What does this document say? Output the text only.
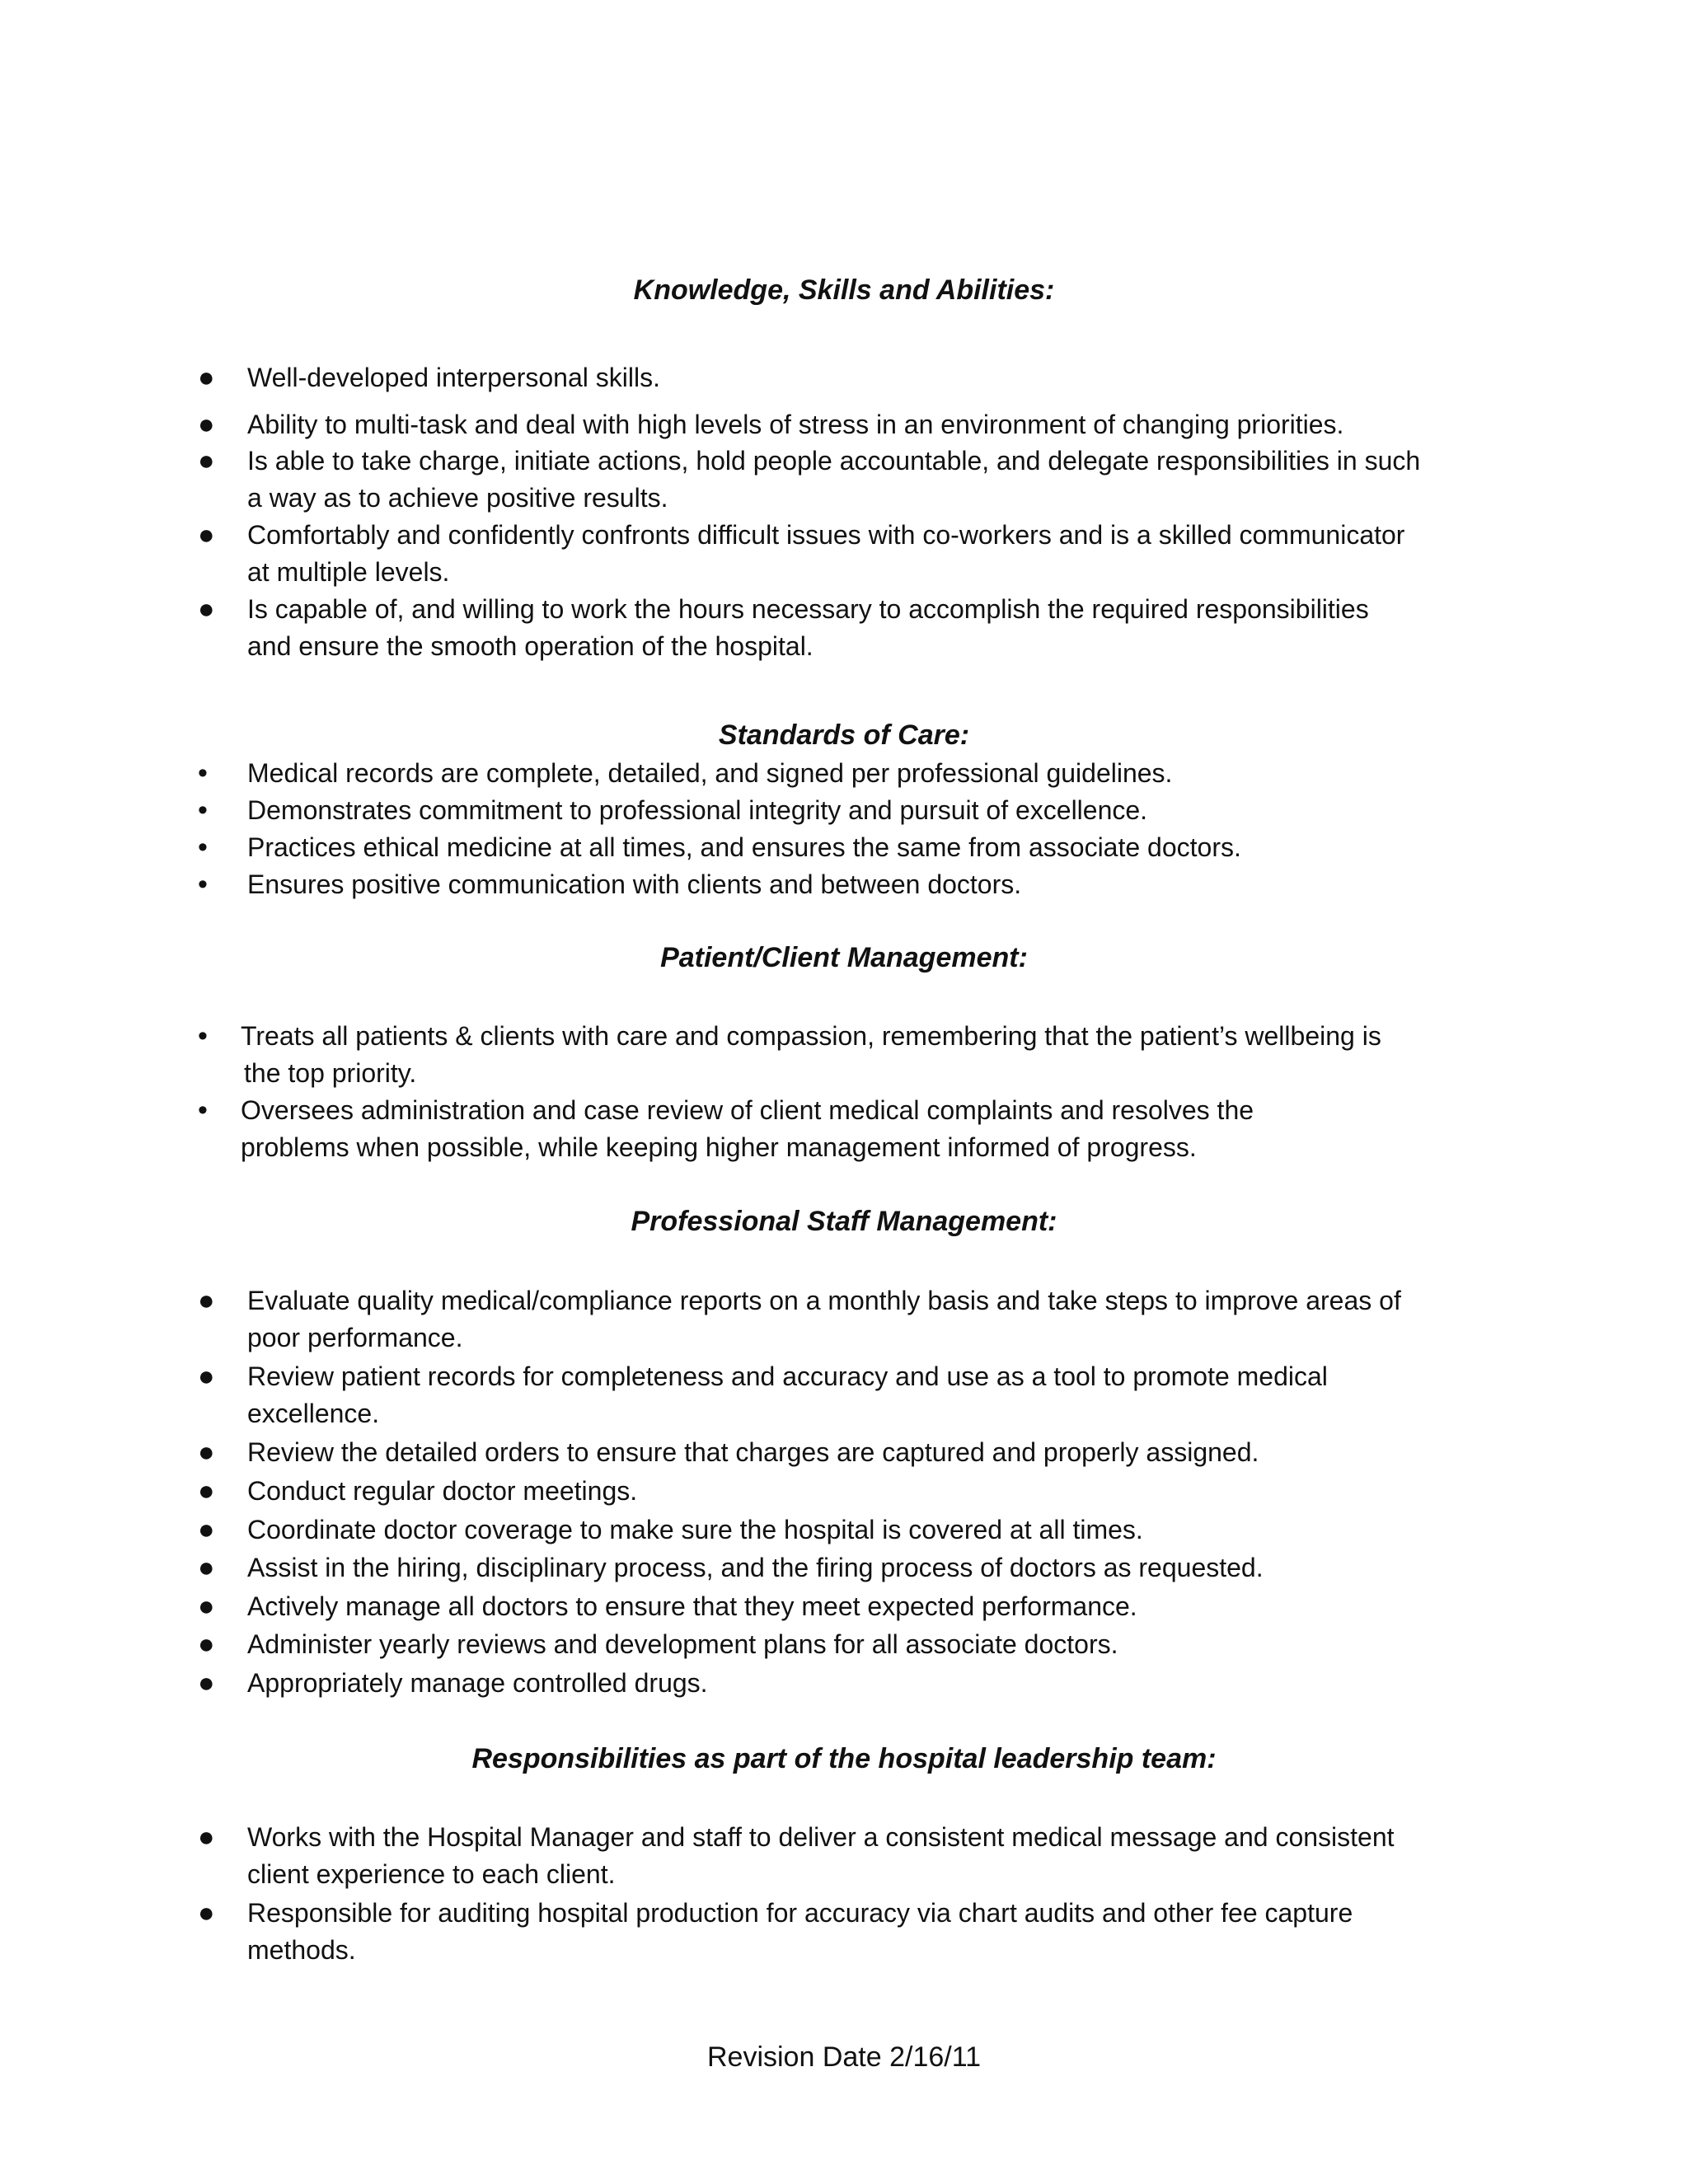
Knowledge, Skills and Abilities:
● Well-developed interpersonal skills.
● Ability to multi-task and deal with high levels of stress in an environment of changing priorities.
● Is able to take charge, initiate actions, hold people accountable, and delegate responsibilities in such
a way as to achieve positive results.
● Comfortably and confidently confronts difficult issues with co-workers and is a skilled communicator
at multiple levels.
● Is capable of, and willing to work the hours necessary to accomplish the required responsibilities
and ensure the smooth operation of the hospital.
Standards of Care:
• Medical records are complete, detailed, and signed per professional guidelines.
• Demonstrates commitment to professional integrity and pursuit of excellence.
• Practices ethical medicine at all times, and ensures the same from associate doctors.
• Ensures positive communication with clients and between doctors.
Patient/Client Management:
• Treats all patients & clients with care and compassion, remembering that the patient’s wellbeing is
the top priority.
• Oversees administration and case review of client medical complaints and resolves the
problems when possible, while keeping higher management informed of progress.
Professional Staff Management:
● Evaluate quality medical/compliance reports on a monthly basis and take steps to improve areas of
poor performance.
● Review patient records for completeness and accuracy and use as a tool to promote medical
excellence.
● Review the detailed orders to ensure that charges are captured and properly assigned.
● Conduct regular doctor meetings.
● Coordinate doctor coverage to make sure the hospital is covered at all times.
● Assist in the hiring, disciplinary process, and the firing process of doctors as requested.
● Actively manage all doctors to ensure that they meet expected performance.
● Administer yearly reviews and development plans for all associate doctors.
● Appropriately manage controlled drugs.
Responsibilities as part of the hospital leadership team:
● Works with the Hospital Manager and staff to deliver a consistent medical message and consistent
client experience to each client.
● Responsible for auditing hospital production for accuracy via chart audits and other fee capture
methods.
Revision Date 2/16/11
